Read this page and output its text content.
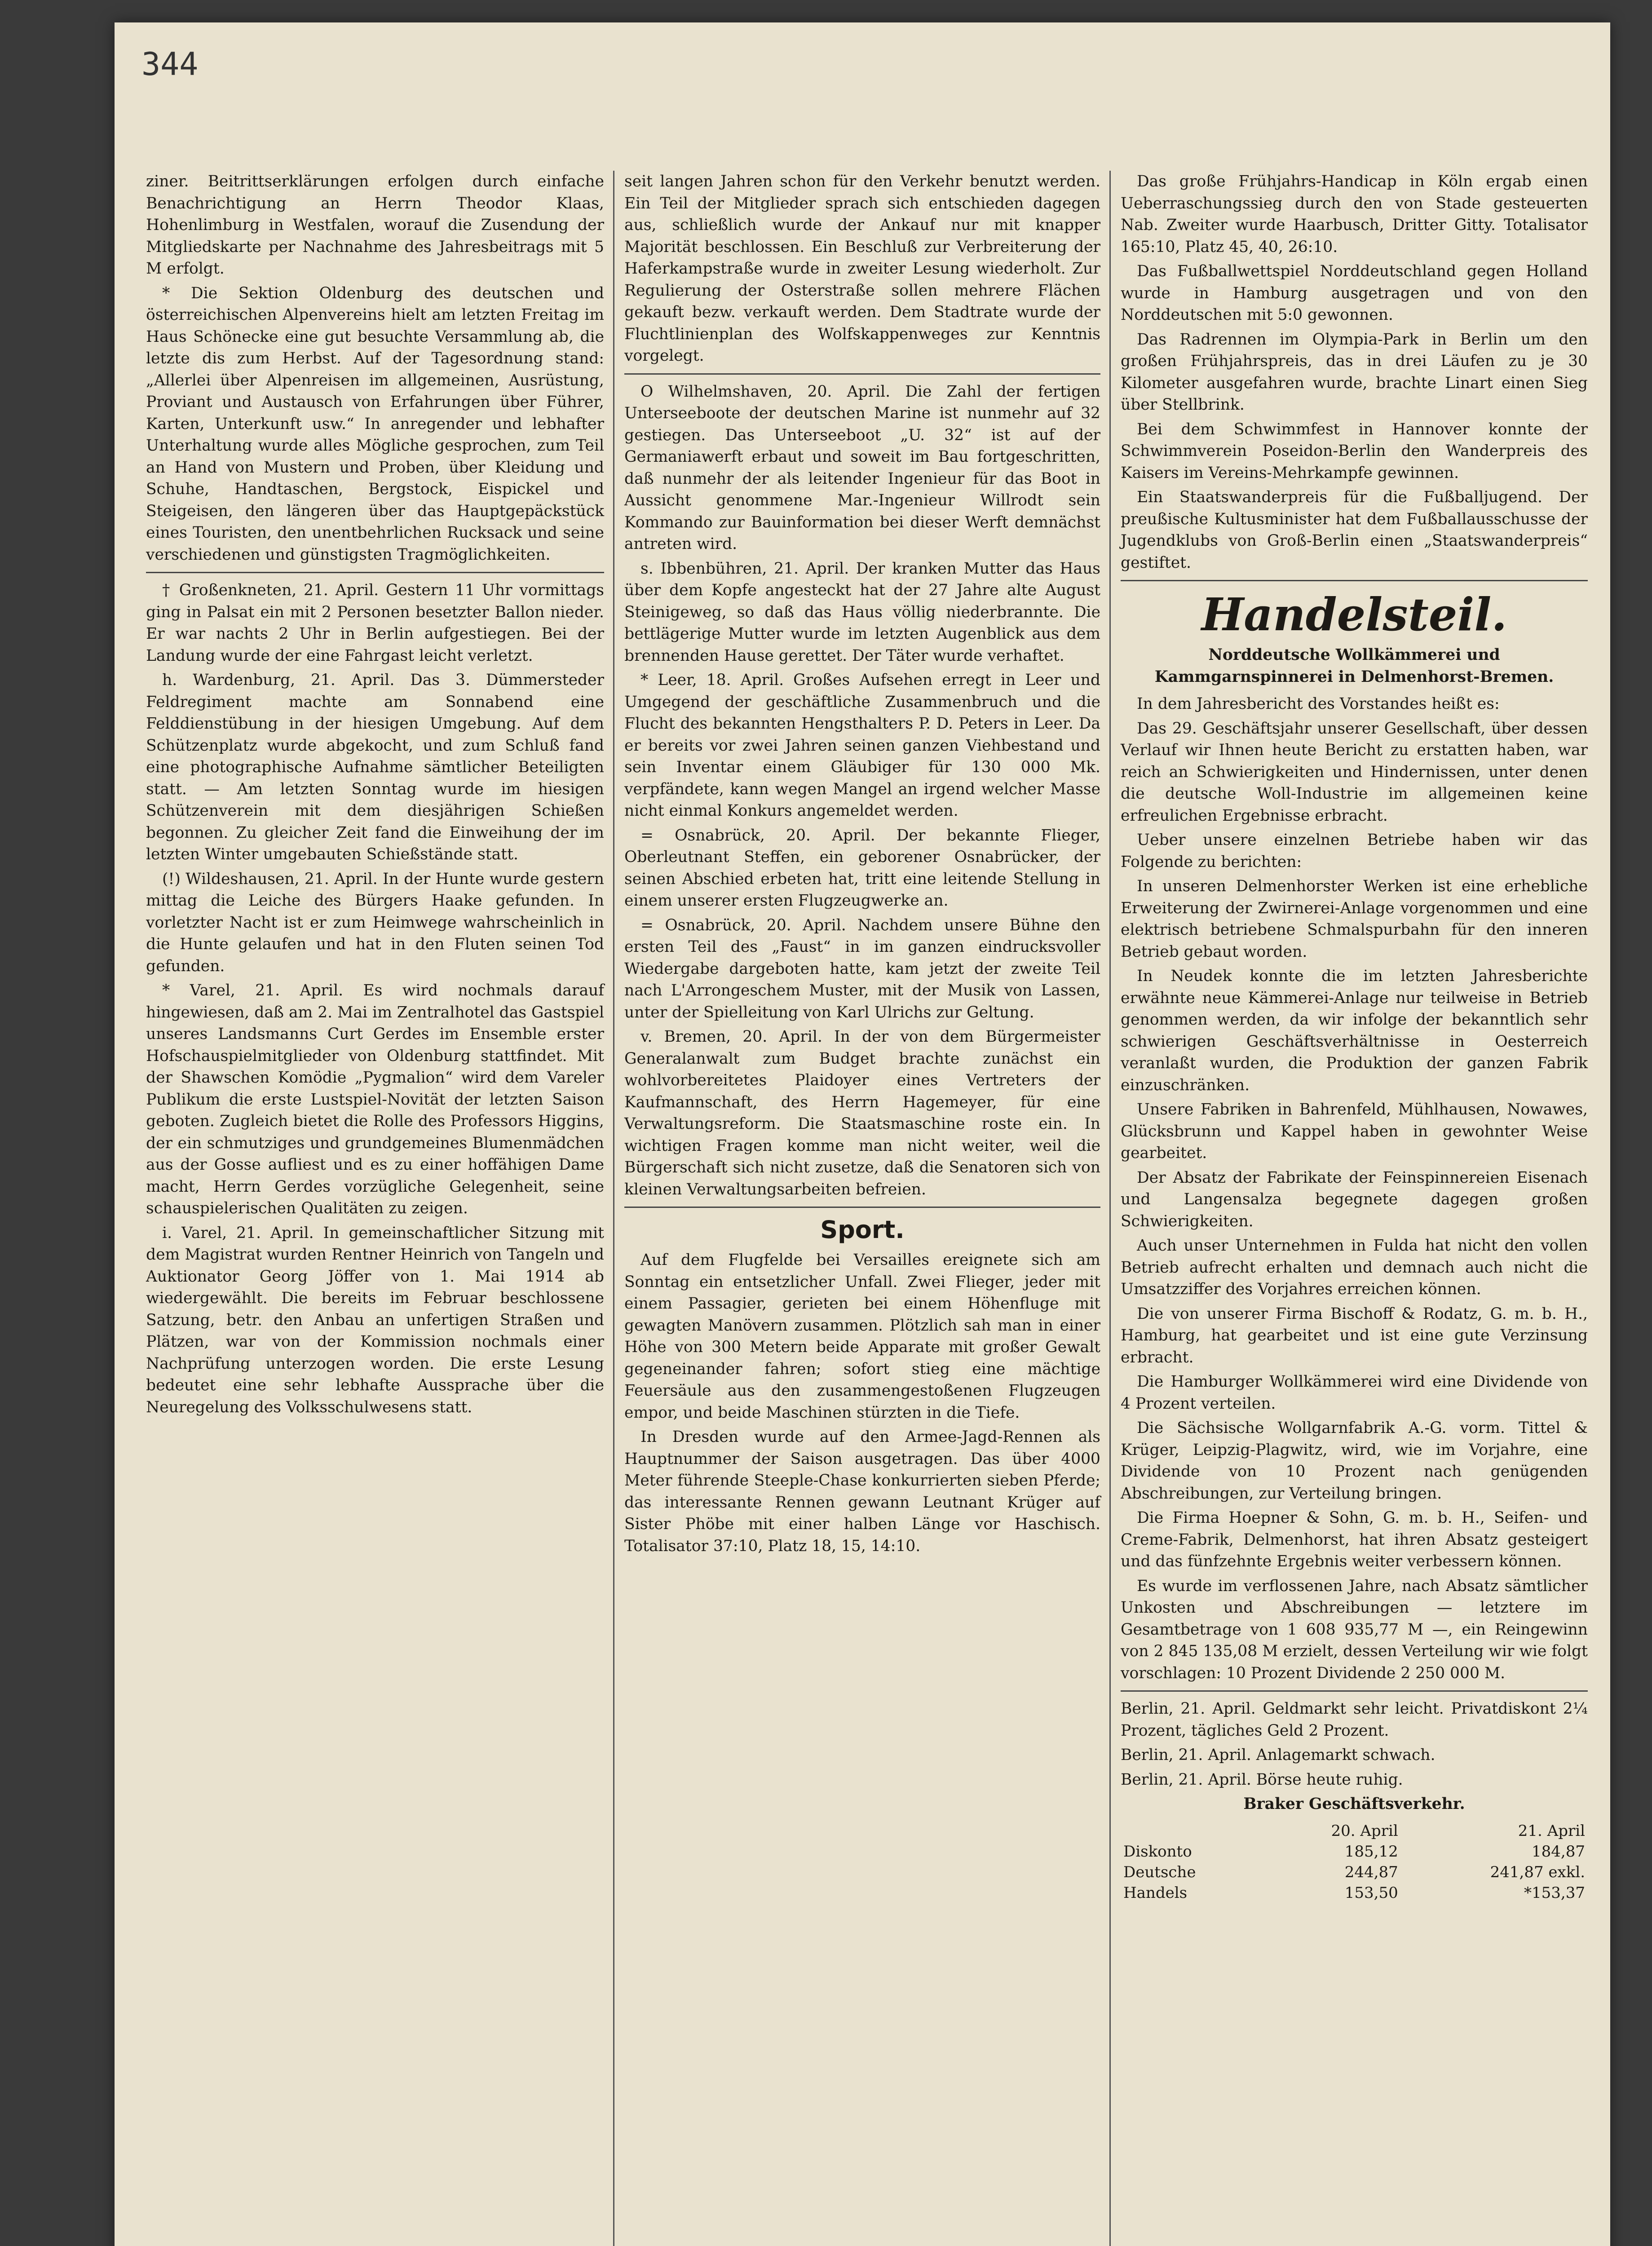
344

ziner. Beitrittserklärungen erfolgen durch einfache Benachrichtigung an Herrn Theodor Klaas, Hohenlimburg in Westfalen, worauf die Zusendung der Mitgliedskarte per Nachnahme des Jahresbeitrags mit 5 M erfolgt.

* Die Sektion Oldenburg des deutschen und österreichischen Alpenvereins hielt am letzten Freitag im Haus Schönecke eine gut besuchte Versammlung ab, die letzte dis zum Herbst. Auf der Tagesordnung stand: „Allerlei über Alpenreisen im allgemeinen, Ausrüstung, Proviant und Austausch von Erfahrungen über Führer, Karten, Unterkunft usw.“ In anregender und lebhafter Unterhaltung wurde alles Mögliche gesprochen, zum Teil an Hand von Mustern und Proben, über Kleidung und Schuhe, Handtaschen, Bergstock, Eispickel und Steigeisen, den längeren über das Hauptgepäckstück eines Touristen, den unentbehrlichen Rucksack und seine verschiedenen und günstigsten Tragmöglichkeiten.

† Großenkneten, 21. April. Gestern 11 Uhr vormittags ging in Palsat ein mit 2 Personen besetzter Ballon nieder. Er war nachts 2 Uhr in Berlin aufgestiegen. Bei der Landung wurde der eine Fahrgast leicht verletzt.

h. Wardenburg, 21. April. Das 3. Dümmersteder Feldregiment machte am Sonnabend eine Felddienstübung in der hiesigen Umgebung. Auf dem Schützenplatz wurde abgekocht, und zum Schluß fand eine photographische Aufnahme sämtlicher Beteiligten statt. — Am letzten Sonntag wurde im hiesigen Schützenverein mit dem diesjährigen Schießen begonnen. Zu gleicher Zeit fand die Einweihung der im letzten Winter umgebauten Schießstände statt.

(!) Wildeshausen, 21. April. In der Hunte wurde gestern mittag die Leiche des Bürgers Haake gefunden. In vorletzter Nacht ist er zum Heimwege wahrscheinlich in die Hunte gelaufen und hat in den Fluten seinen Tod gefunden.

* Varel, 21. April. Es wird nochmals darauf hingewiesen, daß am 2. Mai im Zentralhotel das Gastspiel unseres Landsmanns Curt Gerdes im Ensemble erster Hofschauspielmitglieder von Oldenburg stattfindet. Mit der Shawschen Komödie „Pygmalion“ wird dem Vareler Publikum die erste Lustspiel-Novität der letzten Saison geboten. Zugleich bietet die Rolle des Professors Higgins, der ein schmutziges und grundgemeines Blumenmädchen aus der Gosse aufliest und es zu einer hoffähigen Dame macht, Herrn Gerdes vorzügliche Gelegenheit, seine schauspielerischen Qualitäten zu zeigen.

i. Varel, 21. April. In gemeinschaftlicher Sitzung mit dem Magistrat wurden Rentner Heinrich von Tangeln und Auktionator Georg Jöffer von 1. Mai 1914 ab wiedergewählt. Die bereits im Februar beschlossene Satzung, betr. den Anbau an unfertigen Straßen und Plätzen, war von der Kommission nochmals einer Nachprüfung unterzogen worden. Die erste Lesung bedeutet eine sehr lebhafte Aussprache über die Neuregelung des Volksschulwesens statt.

seit langen Jahren schon für den Verkehr benutzt werden. Ein Teil der Mitglieder sprach sich entschieden dagegen aus, schließlich wurde der Ankauf nur mit knapper Majorität beschlossen. Ein Beschluß zur Verbreiterung der Haferkampstraße wurde in zweiter Lesung wiederholt. Zur Regulierung der Osterstraße sollen mehrere Flächen gekauft bezw. verkauft werden. Dem Stadtrate wurde der Fluchtlinienplan des Wolfskappenweges zur Kenntnis vorgelegt.

O Wilhelmshaven, 20. April. Die Zahl der fertigen Unterseeboote der deutschen Marine ist nunmehr auf 32 gestiegen. Das Unterseeboot „U. 32“ ist auf der Germaniawerft erbaut und soweit im Bau fortgeschritten, daß nunmehr der als leitender Ingenieur für das Boot in Aussicht genommene Mar.-Ingenieur Willrodt sein Kommando zur Bauinformation bei dieser Werft demnächst antreten wird.

s. Ibbenbühren, 21. April. Der kranken Mutter das Haus über dem Kopfe angesteckt hat der 27 Jahre alte August Steinigeweg, so daß das Haus völlig niederbrannte. Die bettlägerige Mutter wurde im letzten Augenblick aus dem brennenden Hause gerettet. Der Täter wurde verhaftet.

* Leer, 18. April. Großes Aufsehen erregt in Leer und Umgegend der geschäftliche Zusammenbruch und die Flucht des bekannten Hengsthalters P. D. Peters in Leer. Da er bereits vor zwei Jahren seinen ganzen Viehbestand und sein Inventar einem Gläubiger für 130 000 Mk. verpfändete, kann wegen Mangel an irgend welcher Masse nicht einmal Konkurs angemeldet werden.

= Osnabrück, 20. April. Der bekannte Flieger, Oberleutnant Steffen, ein geborener Osnabrücker, der seinen Abschied erbeten hat, tritt eine leitende Stellung in einem unserer ersten Flugzeugwerke an.

= Osnabrück, 20. April. Nachdem unsere Bühne den ersten Teil des „Faust“ in im ganzen eindrucksvoller Wiedergabe dargeboten hatte, kam jetzt der zweite Teil nach L'Arrongeschem Muster, mit der Musik von Lassen, unter der Spielleitung von Karl Ulrichs zur Geltung.

v. Bremen, 20. April. In der von dem Bürgermeister Generalanwalt zum Budget brachte zunächst ein wohlvorbereitetes Plaidoyer eines Vertreters der Kaufmannschaft, des Herrn Hagemeyer, für eine Verwaltungsreform. Die Staatsmaschine roste ein. In wichtigen Fragen komme man nicht weiter, weil die Bürgerschaft sich nicht zusetze, daß die Senatoren sich von kleinen Verwaltungsarbeiten befreien.

Sport.

Auf dem Flugfelde bei Versailles ereignete sich am Sonntag ein entsetzlicher Unfall. Zwei Flieger, jeder mit einem Passagier, gerieten bei einem Höhenfluge mit gewagten Manövern zusammen. Plötzlich sah man in einer Höhe von 300 Metern beide Apparate mit großer Gewalt gegeneinander fahren; sofort stieg eine mächtige Feuersäule aus den zusammengestoßenen Flugzeugen empor, und beide Maschinen stürzten in die Tiefe.

In Dresden wurde auf den Armee-Jagd-Rennen als Hauptnummer der Saison ausgetragen. Das über 4000 Meter führende Steeple-Chase konkurrierten sieben Pferde; das interessante Rennen gewann Leutnant Krüger auf Sister Phöbe mit einer halben Länge vor Haschisch. Totalisator 37:10, Platz 18, 15, 14:10.

Das große Frühjahrs-Handicap in Köln ergab einen Ueberraschungssieg durch den von Stade gesteuerten Nab. Zweiter wurde Haarbusch, Dritter Gitty. Totalisator 165:10, Platz 45, 40, 26:10.

Das Fußballwettspiel Norddeutschland gegen Holland wurde in Hamburg ausgetragen und von den Norddeutschen mit 5:0 gewonnen.

Das Radrennen im Olympia-Park in Berlin um den großen Frühjahrspreis, das in drei Läufen zu je 30 Kilometer ausgefahren wurde, brachte Linart einen Sieg über Stellbrink.

Bei dem Schwimmfest in Hannover konnte der Schwimmverein Poseidon-Berlin den Wanderpreis des Kaisers im Vereins-Mehrkampfe gewinnen.

Ein Staatswanderpreis für die Fußballjugend. Der preußische Kultusminister hat dem Fußballausschusse der Jugendklubs von Groß-Berlin einen „Staatswanderpreis“ gestiftet.

Handelsteil.
Norddeutsche Wollkämmerei und Kammgarnspinnerei in Delmenhorst-Bremen.

In dem Jahresbericht des Vorstandes heißt es:

Das 29. Geschäftsjahr unserer Gesellschaft, über dessen Verlauf wir Ihnen heute Bericht zu erstatten haben, war reich an Schwierigkeiten und Hindernissen, unter denen die deutsche Woll-Industrie im allgemeinen keine erfreulichen Ergebnisse erbracht.

Ueber unsere einzelnen Betriebe haben wir das Folgende zu berichten:

In unseren Delmenhorster Werken ist eine erhebliche Erweiterung der Zwirnerei-Anlage vorgenommen und eine elektrisch betriebene Schmalspurbahn für den inneren Betrieb gebaut worden.

In Neudek konnte die im letzten Jahresberichte erwähnte neue Kämmerei-Anlage nur teilweise in Betrieb genommen werden, da wir infolge der bekanntlich sehr schwierigen Geschäftsverhältnisse in Oesterreich veranlaßt wurden, die Produktion der ganzen Fabrik einzuschränken.

Unsere Fabriken in Bahrenfeld, Mühlhausen, Nowawes, Glücksbrunn und Kappel haben in gewohnter Weise gearbeitet.

Der Absatz der Fabrikate der Feinspinnereien Eisenach und Langensalza begegnete dagegen großen Schwierigkeiten.

Auch unser Unternehmen in Fulda hat nicht den vollen Betrieb aufrecht erhalten und demnach auch nicht die Umsatzziffer des Vorjahres erreichen können.

Die von unserer Firma Bischoff & Rodatz, G. m. b. H., Hamburg, hat gearbeitet und ist eine gute Verzinsung erbracht.

Die Hamburger Wollkämmerei wird eine Dividende von 4 Prozent verteilen.

Die Sächsische Wollgarnfabrik A.-G. vorm. Tittel & Krüger, Leipzig-Plagwitz, wird, wie im Vorjahre, eine Dividende von 10 Prozent nach genügenden Abschreibungen, zur Verteilung bringen.

Die Firma Hoepner & Sohn, G. m. b. H., Seifen- und Creme-Fabrik, Delmenhorst, hat ihren Absatz gesteigert und das fünfzehnte Ergebnis weiter verbessern können.

Es wurde im verflossenen Jahre, nach Absatz sämtlicher Unkosten und Abschreibungen — letztere im Gesamtbetrage von 1 608 935,77 M —, ein Reingewinn von 2 845 135,08 M erzielt, dessen Verteilung wir wie folgt vorschlagen: 10 Prozent Dividende 2 250 000 M.

Berlin, 21. April. Geldmarkt sehr leicht. Privatdiskont 2¼ Prozent, tägliches Geld 2 Prozent.

Berlin, 21. April. Anlagemarkt schwach.

Berlin, 21. April. Börse heute ruhig.

Braker Geschäftsverkehr.
	20. April	21. April
Diskonto	185,12	184,87
Deutsche	244,87	241,87 exkl.
Handels	153,50	*153,37
